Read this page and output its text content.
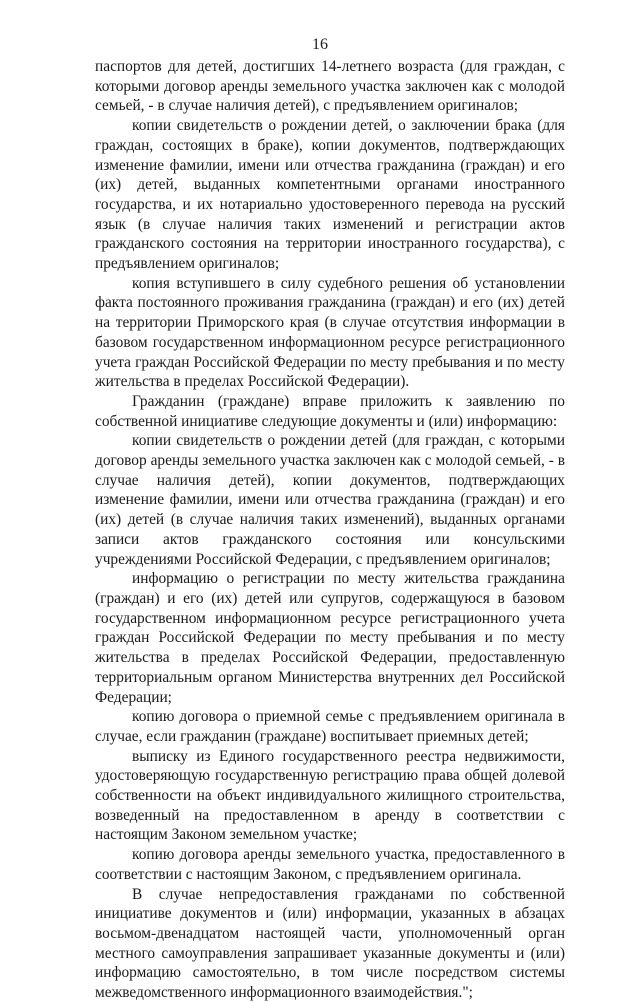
16

паспортов для детей, достигших 14-летнего возраста (для граждан, с которыми договор аренды земельного участка заключен как с молодой семьей, - в случае наличия детей), с предъявлением оригиналов;

копии свидетельств о рождении детей, о заключении брака (для граждан, состоящих в браке), копии документов, подтверждающих изменение фамилии, имени или отчества гражданина (граждан) и его (их) детей, выданных компетентными органами иностранного государства, и их нотариально удостоверенного перевода на русский язык (в случае наличия таких изменений и регистрации актов гражданского состояния на территории иностранного государства), с предъявлением оригиналов;

копия вступившего в силу судебного решения об установлении факта постоянного проживания гражданина (граждан) и его (их) детей на территории Приморского края (в случае отсутствия информации в базовом государственном информационном ресурсе регистрационного учета граждан Российской Федерации по месту пребывания и по месту жительства в пределах Российской Федерации).

Гражданин (граждане) вправе приложить к заявлению по собственной инициативе следующие документы и (или) информацию:

копии свидетельств о рождении детей (для граждан, с которыми договор аренды земельного участка заключен как с молодой семьей, - в случае наличия детей), копии документов, подтверждающих изменение фамилии, имени или отчества гражданина (граждан) и его (их) детей (в случае наличия таких изменений), выданных органами записи актов гражданского состояния или консульскими учреждениями Российской Федерации, с предъявлением оригиналов;

информацию о регистрации по месту жительства гражданина (граждан) и его (их) детей или супругов, содержащуюся в базовом государственном информационном ресурсе регистрационного учета граждан Российской Федерации по месту пребывания и по месту жительства в пределах Российской Федерации, предоставленную территориальным органом Министерства внутренних дел Российской Федерации;

копию договора о приемной семье с предъявлением оригинала в случае, если гражданин (граждане) воспитывает приемных детей;

выписку из Единого государственного реестра недвижимости, удостоверяющую государственную регистрацию права общей долевой собственности на объект индивидуального жилищного строительства, возведенный на предоставленном в аренду в соответствии с настоящим Законом земельном участке;

копию договора аренды земельного участка, предоставленного в соответствии с настоящим Законом, с предъявлением оригинала.

В случае непредоставления гражданами по собственной инициативе документов и (или) информации, указанных в абзацах восьмом-двенадцатом настоящей части, уполномоченный орган местного самоуправления запрашивает указанные документы и (или) информацию самостоятельно, в том числе посредством системы межведомственного информационного взаимодействия.";
